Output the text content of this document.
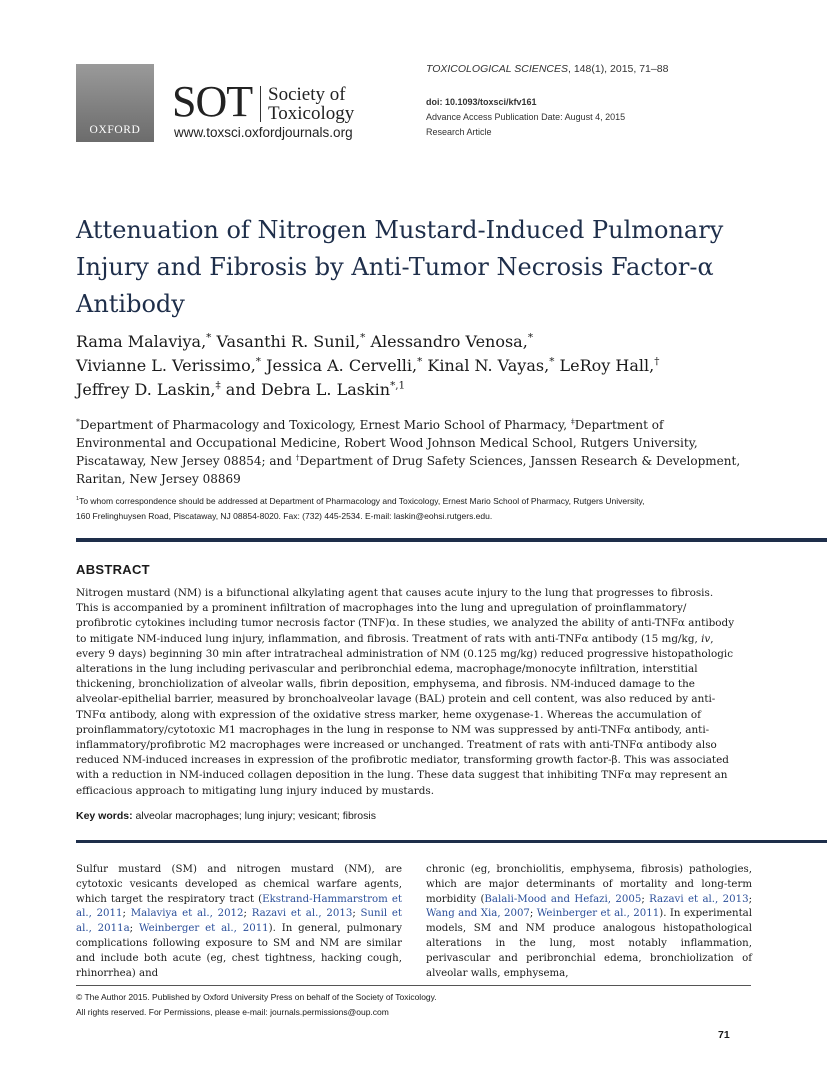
OXFORD
SOT Society of
Toxicology
www.toxsci.oxfordjournals.org
TOXICOLOGICAL SCIENCES, 148(1), 2015, 71–88
doi: 10.1093/toxsci/kfv161
Advance Access Publication Date: August 4, 2015
Research Article
Attenuation of Nitrogen Mustard-Induced Pulmonary Injury and Fibrosis by Anti-Tumor Necrosis Factor-α Antibody
Rama Malaviya,* Vasanthi R. Sunil,* Alessandro Venosa,*
Vivianne L. Verissimo,* Jessica A. Cervelli,* Kinal N. Vayas,* LeRoy Hall,†
Jeffrey D. Laskin,‡ and Debra L. Laskin$^{*,1}$
*Department of Pharmacology and Toxicology, Ernest Mario School of Pharmacy, ‡Department of
Environmental and Occupational Medicine, Robert Wood Johnson Medical School, Rutgers University,
Piscataway, New Jersey 08854; and †Department of Drug Safety Sciences, Janssen Research & Development,
Raritan, New Jersey 08869
$^1$To whom correspondence should be addressed at Department of Pharmacology and Toxicology, Ernest Mario School of Pharmacy, Rutgers University,
160 Frelinghuysen Road, Piscataway, NJ 08854-8020. Fax: (732) 445-2534. E-mail: laskin@eohsi.rutgers.edu.
ABSTRACT
Nitrogen mustard (NM) is a bifunctional alkylating agent that causes acute injury to the lung that progresses to fibrosis.
This is accompanied by a prominent infiltration of macrophages into the lung and upregulation of proinflammatory/
profibrotic cytokines including tumor necrosis factor (TNF)α. In these studies, we analyzed the ability of anti-TNFα antibody
to mitigate NM-induced lung injury, inflammation, and fibrosis. Treatment of rats with anti-TNFα antibody (15 mg/kg, iv,
every 9 days) beginning 30 min after intratracheal administration of NM (0.125 mg/kg) reduced progressive histopathologic
alterations in the lung including perivascular and peribronchial edema, macrophage/monocyte infiltration, interstitial
thickening, bronchiolization of alveolar walls, fibrin deposition, emphysema, and fibrosis. NM-induced damage to the
alveolar-epithelial barrier, measured by bronchoalveolar lavage (BAL) protein and cell content, was also reduced by anti-
TNFα antibody, along with expression of the oxidative stress marker, heme oxygenase-1. Whereas the accumulation of
proinflammatory/cytotoxic M1 macrophages in the lung in response to NM was suppressed by anti-TNFα antibody, anti-
inflammatory/profibrotic M2 macrophages were increased or unchanged. Treatment of rats with anti-TNFα antibody also
reduced NM-induced increases in expression of the profibrotic mediator, transforming growth factor-β. This was associated
with a reduction in NM-induced collagen deposition in the lung. These data suggest that inhibiting TNFα may represent an
efficacious approach to mitigating lung injury induced by mustards.
Key words: alveolar macrophages; lung injury; vesicant; fibrosis
Sulfur mustard (SM) and nitrogen mustard (NM), are cytotoxic vesicants developed as chemical warfare agents, which target the respiratory tract (Ekstrand-Hammarstrom et al., 2011; Malaviya et al., 2012; Razavi et al., 2013; Sunil et al., 2011a; Weinberger et al., 2011). In general, pulmonary complications following exposure to SM and NM are similar and include both acute (eg, chest tightness, hacking cough, rhinorrhea) and
chronic (eg, bronchiolitis, emphysema, fibrosis) pathologies, which are major determinants of mortality and long-term morbidity (Balali-Mood and Hefazi, 2005; Razavi et al., 2013; Wang and Xia, 2007; Weinberger et al., 2011). In experimental models, SM and NM produce analogous histopathological alterations in the lung, most notably inflammation, perivascular and peribronchial edema, bronchiolization of alveolar walls, emphysema,
© The Author 2015. Published by Oxford University Press on behalf of the Society of Toxicology.
All rights reserved. For Permissions, please e-mail: journals.permissions@oup.com
71
